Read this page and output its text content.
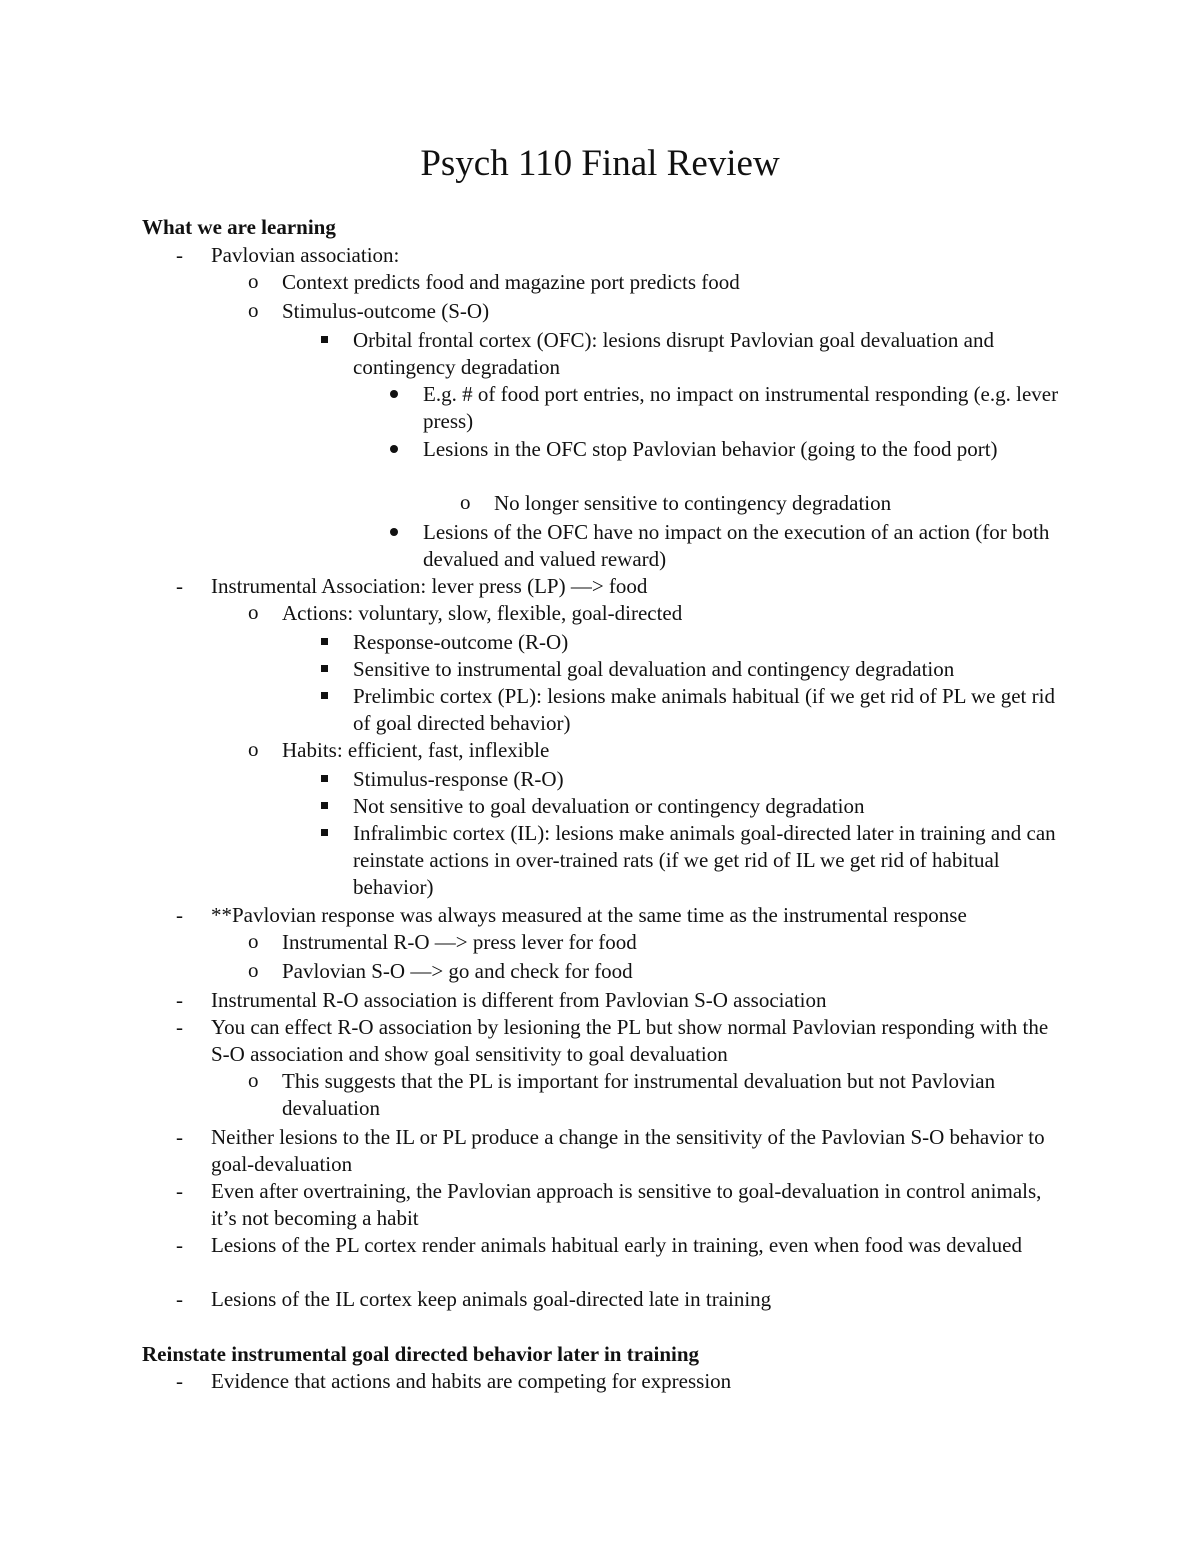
Psych 110 Final Review
What we are learning
- Pavlovian association:
o Context predicts food and magazine port predicts food
o Stimulus-outcome (S-O)
Orbital frontal cortex (OFC): lesions disrupt Pavlovian goal devaluation and contingency degradation
E.g. # of food port entries, no impact on instrumental responding (e.g. lever press)
Lesions in the OFC stop Pavlovian behavior (going to the food port)
o No longer sensitive to contingency degradation
Lesions of the OFC have no impact on the execution of an action (for both devalued and valued reward)
- Instrumental Association: lever press (LP) —> food
o Actions: voluntary, slow, flexible, goal-directed
Response-outcome (R-O)
Sensitive to instrumental goal devaluation and contingency degradation
Prelimbic cortex (PL): lesions make animals habitual (if we get rid of PL we get rid of goal directed behavior)
o Habits: efficient, fast, inflexible
Stimulus-response (R-O)
Not sensitive to goal devaluation or contingency degradation
Infralimbic cortex (IL): lesions make animals goal-directed later in training and can reinstate actions in over-trained rats (if we get rid of IL we get rid of habitual behavior)
- **Pavlovian response was always measured at the same time as the instrumental response
o Instrumental R-O —> press lever for food
o Pavlovian S-O —> go and check for food
- Instrumental R-O association is different from Pavlovian S-O association
- You can effect R-O association by lesioning the PL but show normal Pavlovian responding with the S-O association and show goal sensitivity to goal devaluation
o This suggests that the PL is important for instrumental devaluation but not Pavlovian devaluation
- Neither lesions to the IL or PL produce a change in the sensitivity of the Pavlovian S-O behavior to goal-devaluation
- Even after overtraining, the Pavlovian approach is sensitive to goal-devaluation in control animals, it’s not becoming a habit
- Lesions of the PL cortex render animals habitual early in training, even when food was devalued
- Lesions of the IL cortex keep animals goal-directed late in training
Reinstate instrumental goal directed behavior later in training
- Evidence that actions and habits are competing for expression
